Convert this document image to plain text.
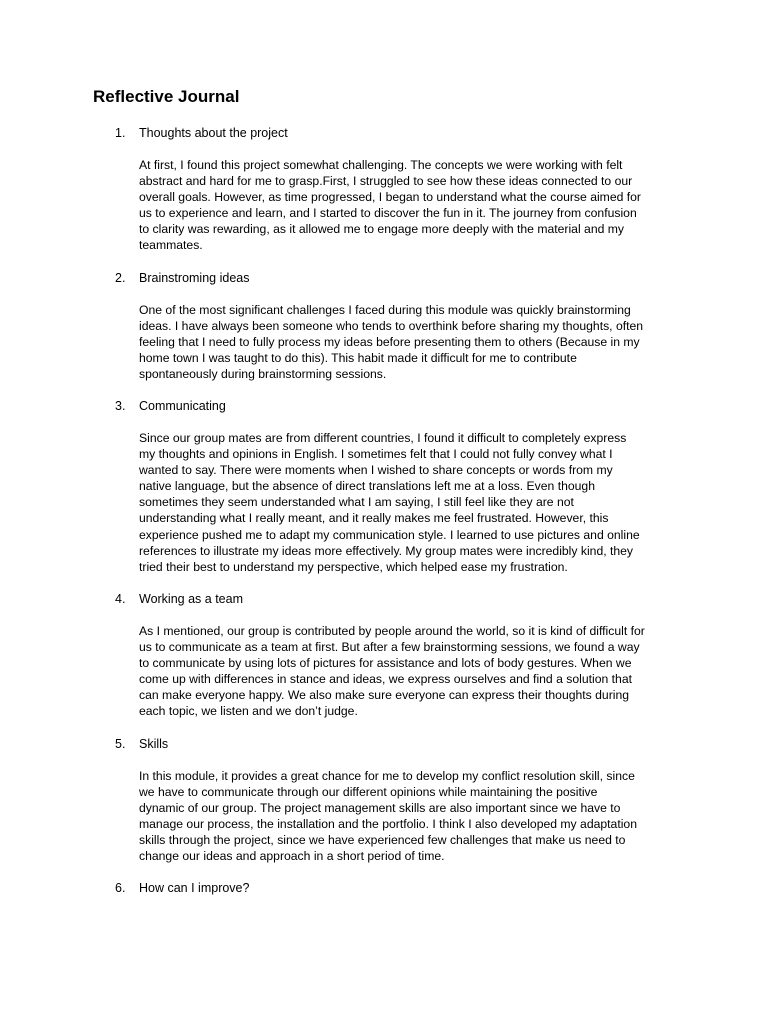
Reflective Journal
1.	Thoughts about the project

At first, I found this project somewhat challenging. The concepts we were working with felt
abstract and hard for me to grasp.First, I struggled to see how these ideas connected to our
overall goals. However, as time progressed, I began to understand what the course aimed for
us to experience and learn, and I started to discover the fun in it. The journey from confusion
to clarity was rewarding, as it allowed me to engage more deeply with the material and my
teammates.

2.	Brainstroming ideas

One of the most significant challenges I faced during this module was quickly brainstorming
ideas. I have always been someone who tends to overthink before sharing my thoughts, often
feeling that I need to fully process my ideas before presenting them to others (Because in my
home town I was taught to do this). This habit made it difficult for me to contribute
spontaneously during brainstorming sessions.

3.	Communicating

Since our group mates are from different countries, I found it difficult to completely express
my thoughts and opinions in English. I sometimes felt that I could not fully convey what I
wanted to say. There were moments when I wished to share concepts or words from my
native language, but the absence of direct translations left me at a loss. Even though
sometimes they seem understanded what I am saying, I still feel like they are not
understanding what I really meant, and it really makes me feel frustrated. However, this
experience pushed me to adapt my communication style. I learned to use pictures and online
references to illustrate my ideas more effectively. My group mates were incredibly kind, they
tried their best to understand my perspective, which helped ease my frustration.

4.	Working as a team

As I mentioned, our group is contributed by people around the world, so it is kind of difficult for
us to communicate as a team at first. But after a few brainstorming sessions, we found a way
to communicate by using lots of pictures for assistance and lots of body gestures. When we
come up with differences in stance and ideas, we express ourselves and find a solution that
can make everyone happy. We also make sure everyone can express their thoughts during
each topic, we listen and we don’t judge.

5.	Skills

In this module, it provides a great chance for me to develop my conflict resolution skill, since
we have to communicate through our different opinions while maintaining the positive
dynamic of our group. The project management skills are also important since we have to
manage our process, the installation and the portfolio. I think I also developed my adaptation
skills through the project, since we have experienced few challenges that make us need to
change our ideas and approach in a short period of time.

6.	How can I improve?
